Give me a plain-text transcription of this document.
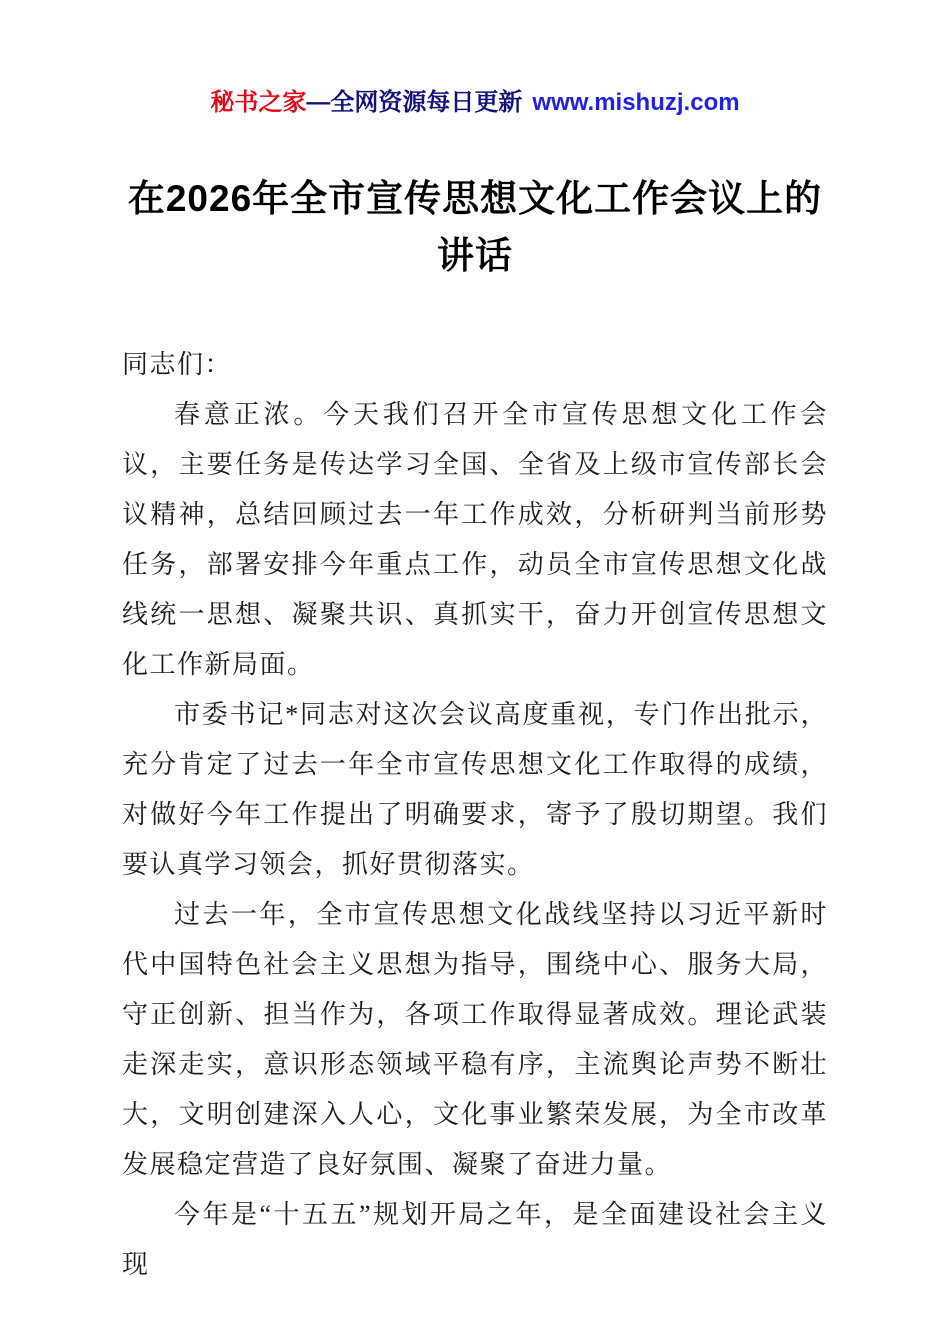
秘书之家—全网资源每日更新 www.mishuzj.com
在2026年全市宣传思想文化工作会议上的
讲话

同志们：

春意正浓。今天我们召开全市宣传思想文化工作会议，主要任务是传达学习全国、全省及上级市宣传部长会议精神，总结回顾过去一年工作成效，分析研判当前形势任务，部署安排今年重点工作，动员全市宣传思想文化战线统一思想、凝聚共识、真抓实干，奋力开创宣传思想文化工作新局面。

市委书记*同志对这次会议高度重视，专门作出批示，充分肯定了过去一年全市宣传思想文化工作取得的成绩，对做好今年工作提出了明确要求，寄予了殷切期望。我们要认真学习领会，抓好贯彻落实。

过去一年，全市宣传思想文化战线坚持以习近平新时代中国特色社会主义思想为指导，围绕中心、服务大局，守正创新、担当作为，各项工作取得显著成效。理论武装走深走实，意识形态领域平稳有序，主流舆论声势不断壮大，文明创建深入人心，文化事业繁荣发展，为全市改革发展稳定营造了良好氛围、凝聚了奋进力量。

今年是“十五五”规划开局之年，是全面建设社会主义现
